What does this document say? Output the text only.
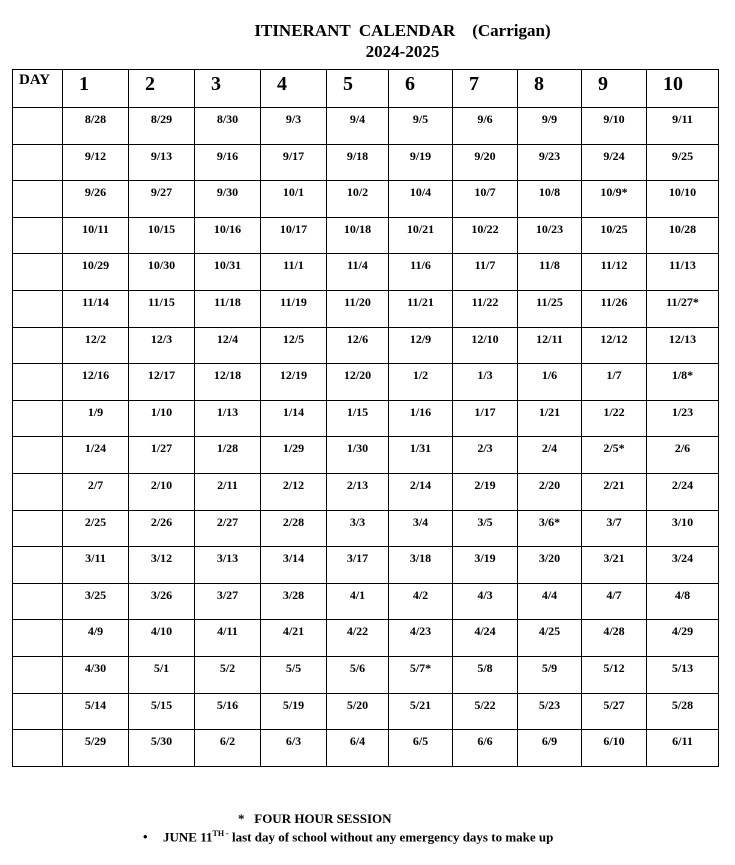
ITINERANT  CALENDAR    (Carrigan)
2024-2025
DAY	1	2	3	4	5	6	7	8	9	10
	8/28	8/29	8/30	9/3	9/4	9/5	9/6	9/9	9/10	9/11
	9/12	9/13	9/16	9/17	9/18	9/19	9/20	9/23	9/24	9/25
	9/26	9/27	9/30	10/1	10/2	10/4	10/7	10/8	10/9*	10/10
	10/11	10/15	10/16	10/17	10/18	10/21	10/22	10/23	10/25	10/28
	10/29	10/30	10/31	11/1	11/4	11/6	11/7	11/8	11/12	11/13
	11/14	11/15	11/18	11/19	11/20	11/21	11/22	11/25	11/26	11/27*
	12/2	12/3	12/4	12/5	12/6	12/9	12/10	12/11	12/12	12/13
	12/16	12/17	12/18	12/19	12/20	1/2	1/3	1/6	1/7	1/8*
	1/9	1/10	1/13	1/14	1/15	1/16	1/17	1/21	1/22	1/23
	1/24	1/27	1/28	1/29	1/30	1/31	2/3	2/4	2/5*	2/6
	2/7	2/10	2/11	2/12	2/13	2/14	2/19	2/20	2/21	2/24
	2/25	2/26	2/27	2/28	3/3	3/4	3/5	3/6*	3/7	3/10
	3/11	3/12	3/13	3/14	3/17	3/18	3/19	3/20	3/21	3/24
	3/25	3/26	3/27	3/28	4/1	4/2	4/3	4/4	4/7	4/8
	4/9	4/10	4/11	4/21	4/22	4/23	4/24	4/25	4/28	4/29
	4/30	5/1	5/2	5/5	5/6	5/7*	5/8	5/9	5/12	5/13
	5/14	5/15	5/16	5/19	5/20	5/21	5/22	5/23	5/27	5/28
	5/29	5/30	6/2	6/3	6/4	6/5	6/6	6/9	6/10	6/11
* FOUR HOUR SESSION
• JUNE $11^{TH -}$ last day of school without any emergency days to make up
